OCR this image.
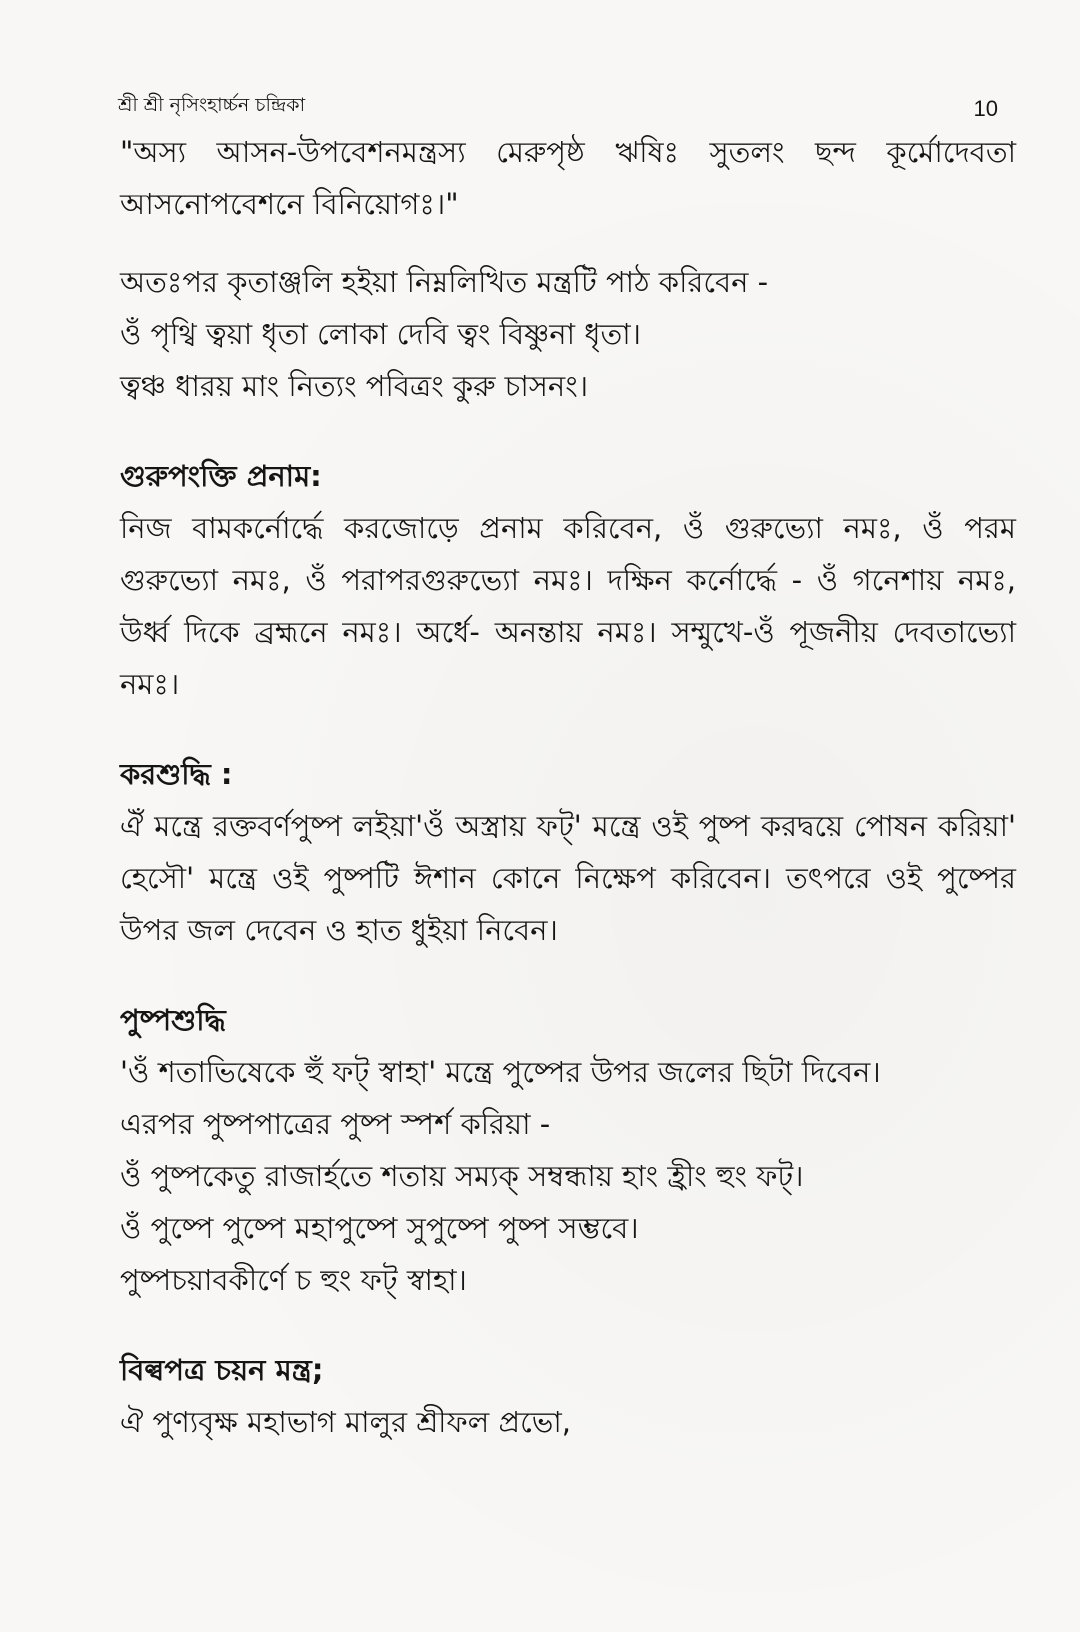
শ্রী শ্রী নৃসিংহার্চ্চন চন্দ্রিকা	10

"অস্য আসন-উপবেশনমন্ত্রস্য মেরুপৃষ্ঠ ঋষিঃ সুতলং ছন্দ কূর্মোদেবতা আসনোপবেশনে বিনিয়োগঃ।"

অতঃপর কৃতাঞ্জলি হইয়া নিম্নলিখিত মন্ত্রটি পাঠ করিবেন -
ওঁ পৃথ্বি ত্বয়া ধৃতা লোকা দেবি ত্বং বিষ্ণুনা ধৃতা।
ত্বঞ্চ ধারয় মাং নিত্যং পবিত্রং কুরু চাসনং।

গুরুপংক্তি প্রনাম:

নিজ বামকর্নোর্দ্ধে করজোড়ে প্রনাম করিবেন, ওঁ গুরুভ্যো নমঃ, ওঁ পরম গুরুভ্যো নমঃ, ওঁ পরাপরগুরুভ্যো নমঃ। দক্ষিন কর্নোর্দ্ধে - ওঁ গনেশায় নমঃ, উর্ধ্ব দিকে ব্রহ্মনে নমঃ। অর্ধে- অনন্তায় নমঃ। সম্মুখে-ওঁ পূজনীয় দেবতাভ্যো নমঃ।

করশুদ্ধি :

ঐঁ মন্ত্রে রক্তবর্ণপুষ্প লইয়া'ওঁ অস্ত্রায় ফট্' মন্ত্রে ওই পুষ্প করদ্বয়ে পোষন করিয়া' হেসৌ' মন্ত্রে ওই পুষ্পটি ঈশান কোনে নিক্ষেপ করিবেন। তৎপরে ওই পুষ্পের উপর জল দেবেন ও হাত ধুইয়া নিবেন।

পুষ্পশুদ্ধি

'ওঁ শতাভিষেকে হুঁ ফট্ স্বাহা' মন্ত্রে পুষ্পের উপর জলের ছিটা দিবেন।
এরপর পুষ্পপাত্রের পুষ্প স্পর্শ করিয়া -
ওঁ পুষ্পকেতু রাজার্হতে শতায় সম্যক্ সম্বন্ধায় হাং হ্রীং হুং ফট্।
ওঁ পুষ্পে পুষ্পে মহাপুষ্পে সুপুষ্পে পুষ্প সম্ভবে।
পুষ্পচয়াবকীর্ণে চ হুং ফট্ স্বাহা।

বিল্বপত্র চয়ন মন্ত্র;

ঐ পুণ্যবৃক্ষ মহাভাগ মালুর শ্রীফল প্রভো,
